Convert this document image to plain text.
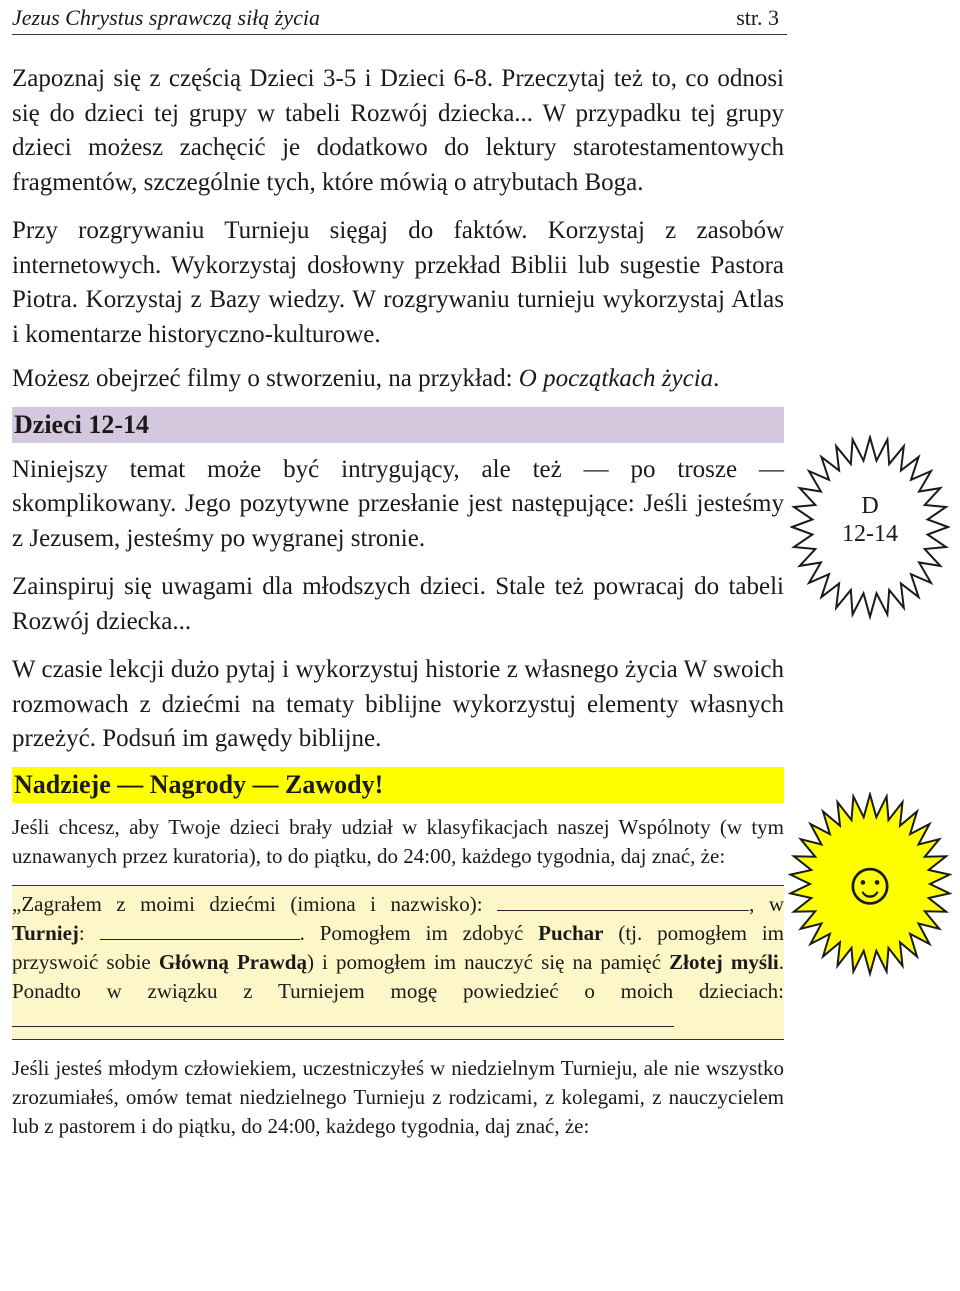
Jezus Chrystus sprawczą siłą życia	str. 3

Zapoznaj się z częścią Dzieci 3-5 i Dzieci 6-8. Przeczytaj też to, co odnosi się do dzieci tej grupy w tabeli Rozwój dziecka... W przypadku tej grupy dzieci możesz zachęcić je dodatkowo do lektury starotestamentowych fragmentów, szczególnie tych, które mówią o atrybutach Boga.

Przy rozgrywaniu Turnieju sięgaj do faktów. Korzystaj z zasobów internetowych. Wykorzystaj dosłowny przekład Biblii lub sugestie Pastora Piotra. Korzystaj z Bazy wiedzy. W rozgrywaniu turnieju wykorzystaj Atlas i komentarze historyczno-kulturowe.

Możesz obejrzeć filmy o stworzeniu, na przykład: O początkach życia.

Dzieci 12-14

Niniejszy temat może być intrygujący, ale też — po trosze — skomplikowany. Jego pozytywne przesłanie jest następujące: Jeśli jesteśmy z Jezusem, jesteśmy po wygranej stronie.

Zainspiruj się uwagami dla młodszych dzieci. Stale też powracaj do tabeli Rozwój dziecka...

W czasie lekcji dużo pytaj i wykorzystuj historie z własnego życia W swoich rozmowach z dziećmi na tematy biblijne wykorzystuj elementy własnych przeżyć. Podsuń im gawędy biblijne.

Nadzieje — Nagrody — Zawody!

Jeśli chcesz, aby Twoje dzieci brały udział w klasyfikacjach naszej Wspólnoty (w tym uznawanych przez kuratoria), to do piątku, do 24:00, każdego tygodnia, daj znać, że:

„Zagrałem z moimi dziećmi (imiona i nazwisko):	, w Turniej:	. Pomogłem im zdobyć Puchar (tj. pomogłem im przyswoić sobie Główną Prawdą) i pomogłem im nauczyć się na pamięć Złotej myśli. Ponadto w związku z Turniejem mogę powiedzieć o moich dzieciach:

Jeśli jesteś młodym człowiekiem, uczestniczyłeś w niedzielnym Turnieju, ale nie wszystko zrozumiałeś, omów temat niedzielnego Turnieju z rodzicami, z kolegami, z nauczycielem lub z pastorem i do piątku, do 24:00, każdego tygodnia, daj znać, że:

D
12-14
☺
